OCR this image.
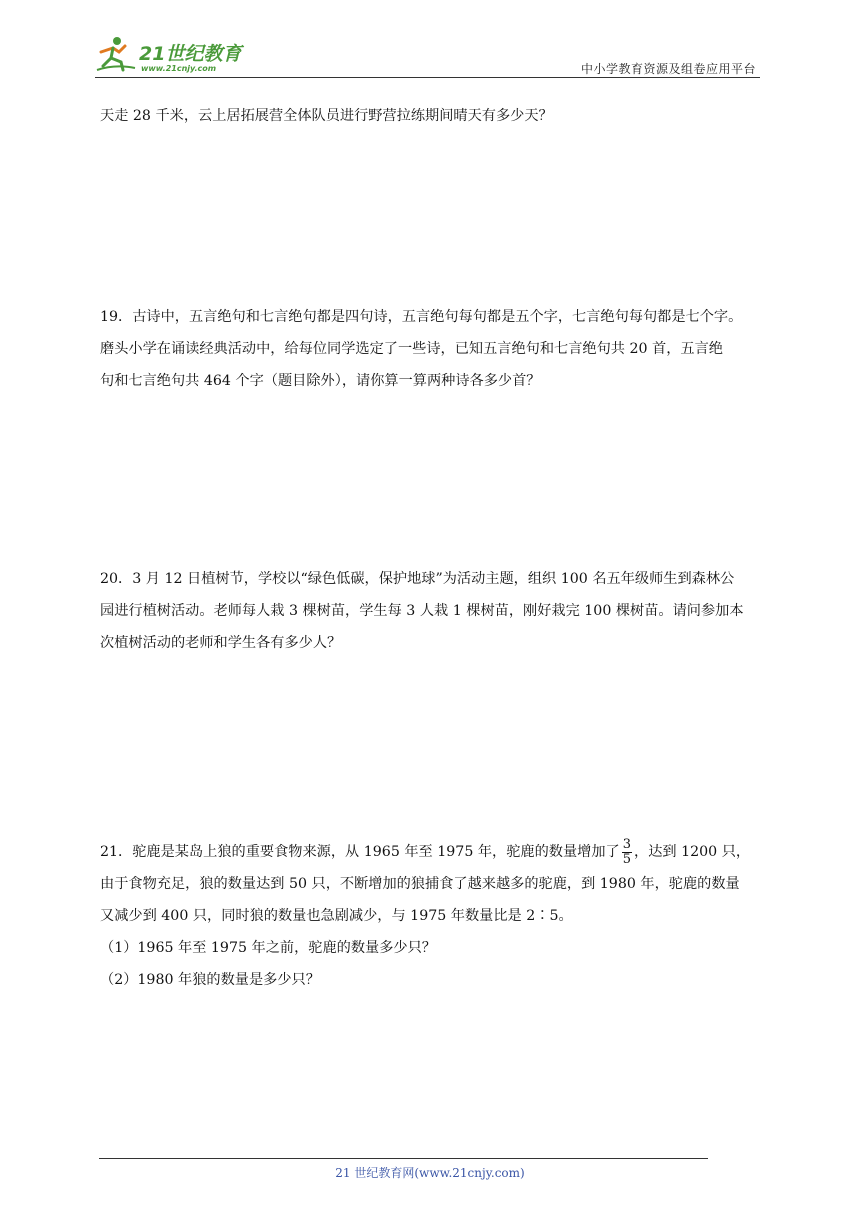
21世纪教育
www.21cnjy.com	中小学教育资源及组卷应用平台

天走 28 千米，云上居拓展营全体队员进行野营拉练期间晴天有多少天？

19．古诗中，五言绝句和七言绝句都是四句诗，五言绝句每句都是五个字，七言绝句每句都是七个字。

磨头小学在诵读经典活动中，给每位同学选定了一些诗，已知五言绝句和七言绝句共 20 首，五言绝

句和七言绝句共 464 个字（题目除外），请你算一算两种诗各多少首？

20．3 月 12 日植树节，学校以“绿色低碳，保护地球”为活动主题，组织 100 名五年级师生到森林公

园进行植树活动。老师每人栽 3 棵树苗，学生每 3 人栽 1 棵树苗，刚好栽完 100 棵树苗。请问参加本

次植树活动的老师和学生各有多少人？

21．驼鹿是某岛上狼的重要食物来源，从 1965 年至 1975 年，驼鹿的数量增加了 $\frac{3}{5}$ ，达到 1200 只，

由于食物充足，狼的数量达到 50 只，不断增加的狼捕食了越来越多的驼鹿，到 1980 年，驼鹿的数量

又减少到 400 只，同时狼的数量也急剧减少，与 1975 年数量比是 2∶5。

（1）1965 年至 1975 年之前，驼鹿的数量多少只？

（2）1980 年狼的数量是多少只？

21 世纪教育网(www.21cnjy.com)
